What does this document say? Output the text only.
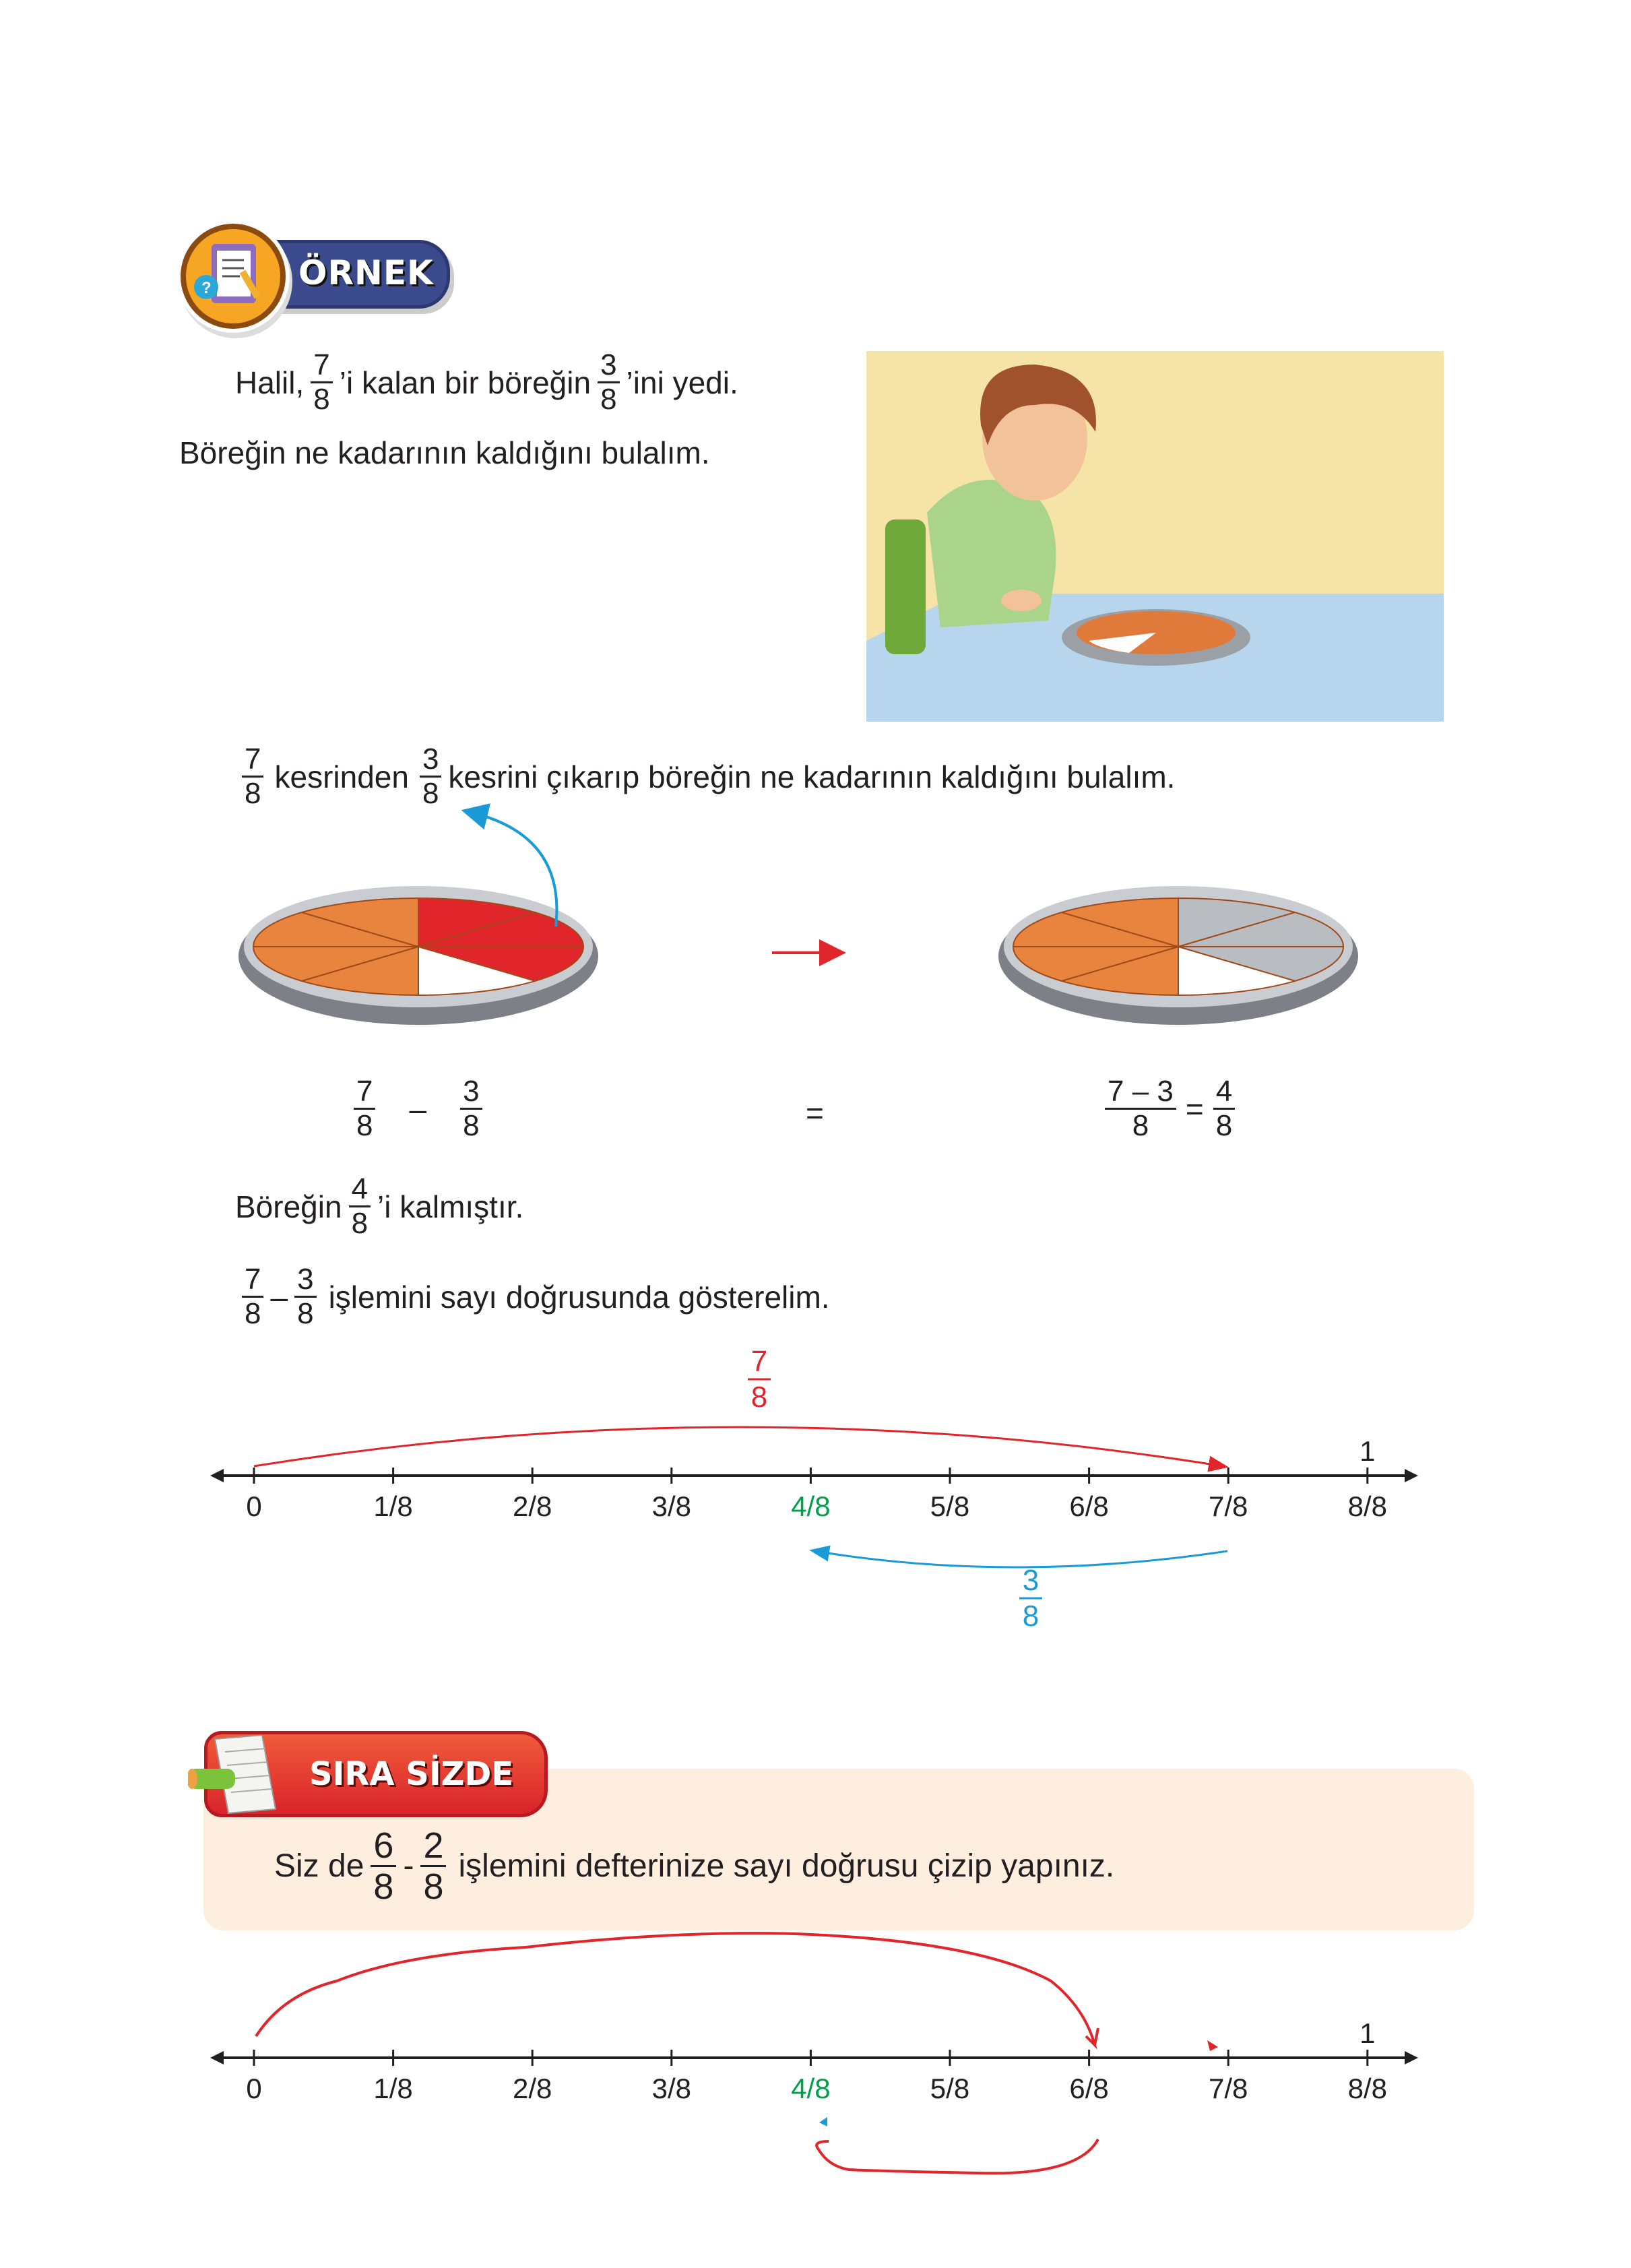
ÖRNEK
?
Halil, $\frac{7}{8}$ ’i kalan bir böreğin $\frac{3}{8}$ ’ini yedi.
Böreğin ne kadarının kaldığını bulalım.
$\frac{7}{8}$ kesrinden $\frac{3}{8}$ kesrini çıkarıp böreğin ne kadarının kaldığını bulalım.
$\frac{7}{8} - \frac{3}{8}$	=	$\frac{7 - 3}{8} = \frac{4}{8}$
Böreğin $\frac{4}{8}$ ’i kalmıştır.
$\frac{7}{8} - \frac{3}{8}$ işlemini sayı doğrusunda gösterelim.
0	1/8	2/8	3/8	4/8	5/8	6/8	7/8	8/8
1
7
8
3
8
SIRA SİZDE
Siz de $\frac{6}{8} - \frac{2}{8}$ işlemini defterinize sayı doğrusu çizip yapınız.
0	1/8	2/8	3/8	4/8	5/8	6/8	7/8	8/8
1
